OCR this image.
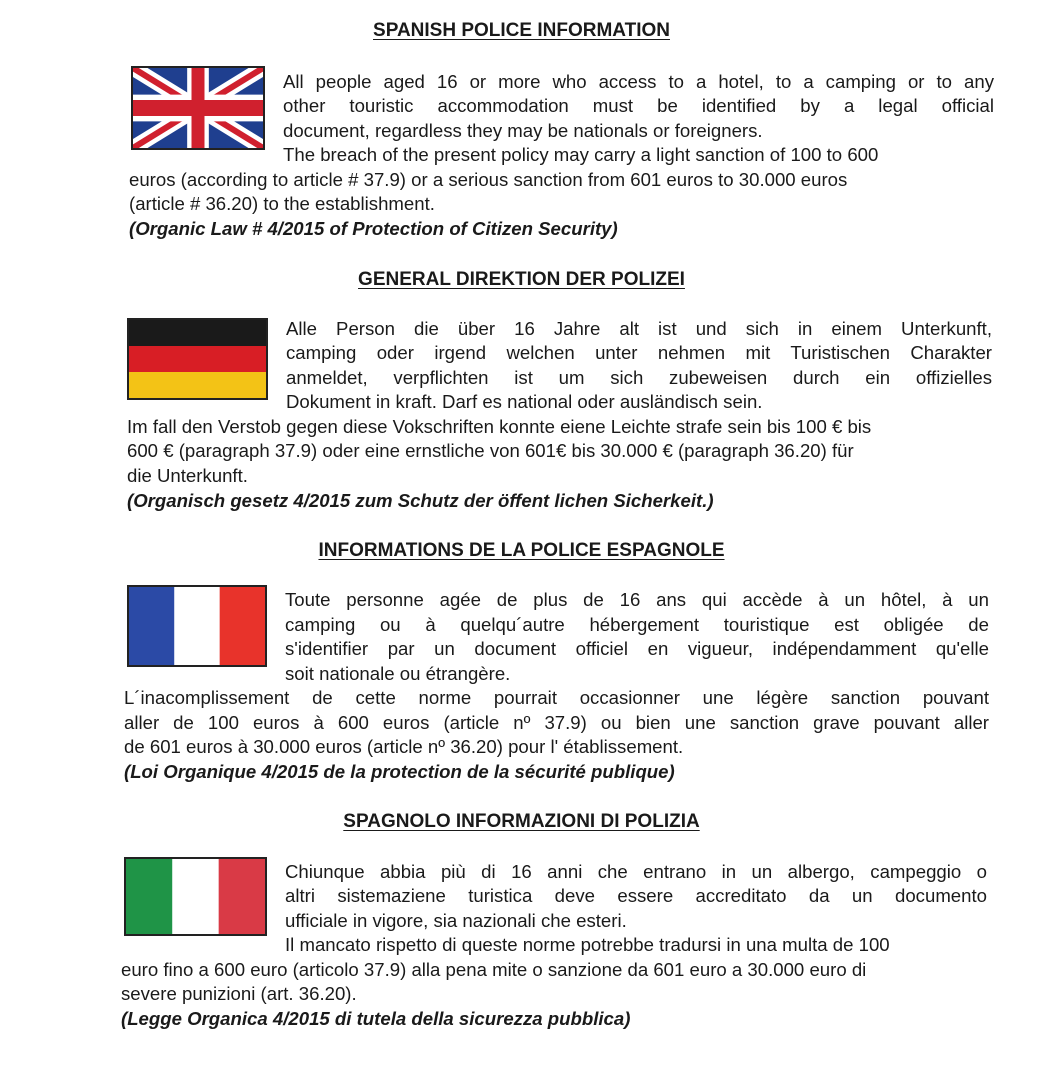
SPANISH POLICE INFORMATION

All people aged 16 or more who access to a hotel, to a camping or to any

other touristic accommodation must be identified by a legal official

document, regardless they may be nationals or foreigners.

The breach of the present policy may carry a light sanction of 100 to 600

euros (according to article # 37.9) or a serious sanction from 601 euros to 30.000 euros

(article # 36.20) to the establishment.

(Organic Law # 4/2015 of Protection of Citizen Security)

GENERAL DIREKTION DER POLIZEI

Alle Person die über 16 Jahre alt ist und sich in einem Unterkunft,

camping oder irgend welchen unter nehmen mit Turistischen Charakter

anmeldet, verpflichten ist um sich zubeweisen durch ein offizielles

Dokument in kraft. Darf es national oder ausländisch sein.

Im fall den Verstob gegen diese Vokschriften konnte eiene Leichte strafe sein bis 100 € bis

600 € (paragraph 37.9) oder eine ernstliche von 601€ bis 30.000 € (paragraph 36.20) für

die Unterkunft.

(Organisch gesetz 4/2015 zum Schutz der öffent lichen Sicherkeit.)

INFORMATIONS DE LA POLICE ESPAGNOLE

Toute personne agée de plus de 16 ans qui accède à un hôtel, à un

camping ou à quelqu´autre hébergement touristique est obligée de

s'identifier par un document officiel en vigueur, indépendamment qu'elle

soit nationale ou étrangère.

L´inacomplissement de cette norme pourrait occasionner une légère sanction pouvant

aller de 100 euros à 600 euros (article nº 37.9) ou bien une sanction grave pouvant aller

de 601 euros à 30.000 euros (article nº 36.20) pour l' établissement.

(Loi Organique 4/2015 de la protection de la sécurité publique)

SPAGNOLO INFORMAZIONI DI POLIZIA

Chiunque abbia più di 16 anni che entrano in un albergo, campeggio o

altri sistemaziene turistica deve essere accreditato da un documento

ufficiale in vigore, sia nazionali che esteri.

Il mancato rispetto di queste norme potrebbe tradursi in una multa de 100

euro fino a 600 euro (articolo 37.9) alla pena mite o sanzione da 601 euro a 30.000 euro di

severe punizioni (art. 36.20).

(Legge Organica 4/2015 di tutela della sicurezza pubblica)
